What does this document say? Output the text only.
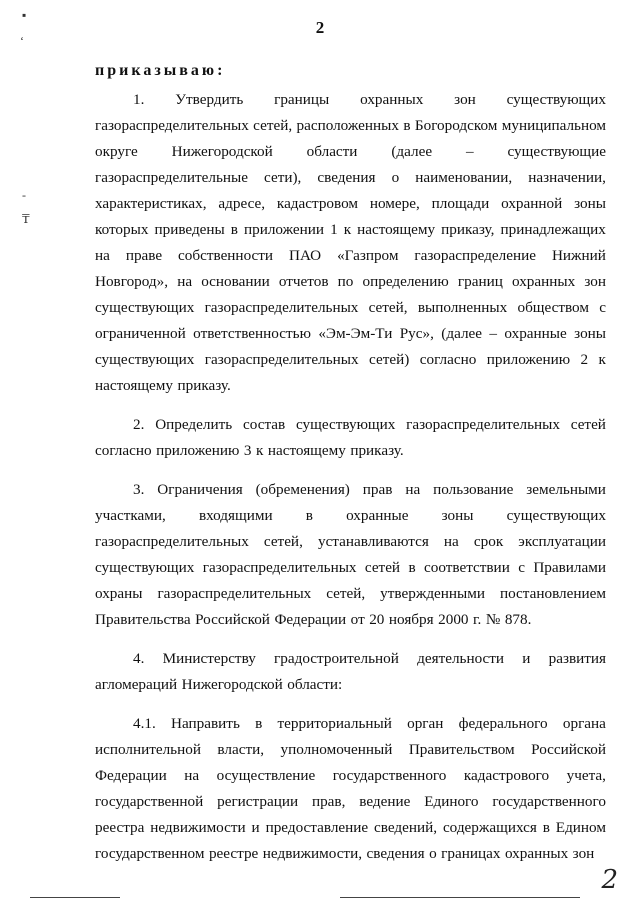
2
приказываю:
1. Утвердить границы охранных зон существующих
газораспределительных сетей, расположенных в Богородском муниципальном
округе Нижегородской области (далее – существующие
газораспределительные сети), сведения о наименовании, назначении,
характеристиках, адресе, кадастровом номере, площади охранной зоны
которых приведены в приложении 1 к настоящему приказу, принадлежащих
на праве собственности ПАО «Газпром газораспределение Нижний
Новгород», на основании отчетов по определению границ охранных зон
существующих газораспределительных сетей, выполненных обществом с
ограниченной ответственностью «Эм-Эм-Ти Рус», (далее – охранные зоны
существующих газораспределительных сетей) согласно приложению 2 к
настоящему приказу.
2. Определить состав существующих газораспределительных сетей
согласно приложению 3 к настоящему приказу.
3. Ограничения (обременения) прав на пользование земельными
участками, входящими в охранные зоны существующих
газораспределительных сетей, устанавливаются на срок эксплуатации
существующих газораспределительных сетей в соответствии с Правилами
охраны газораспределительных сетей, утвержденными постановлением
Правительства Российской Федерации от 20 ноября 2000 г. № 878.
4. Министерству градостроительной деятельности и развития
агломераций Нижегородской области:
4.1. Направить в территориальный орган федерального органа
исполнительной власти, уполномоченный Правительством Российской
Федерации на осуществление государственного кадастрового учета,
государственной регистрации прав, ведение Единого государственного
реестра недвижимости и предоставление сведений, содержащихся в Едином
государственном реестре недвижимости, сведения о границах охранных зон
▪
ʻ
-
₸
2
